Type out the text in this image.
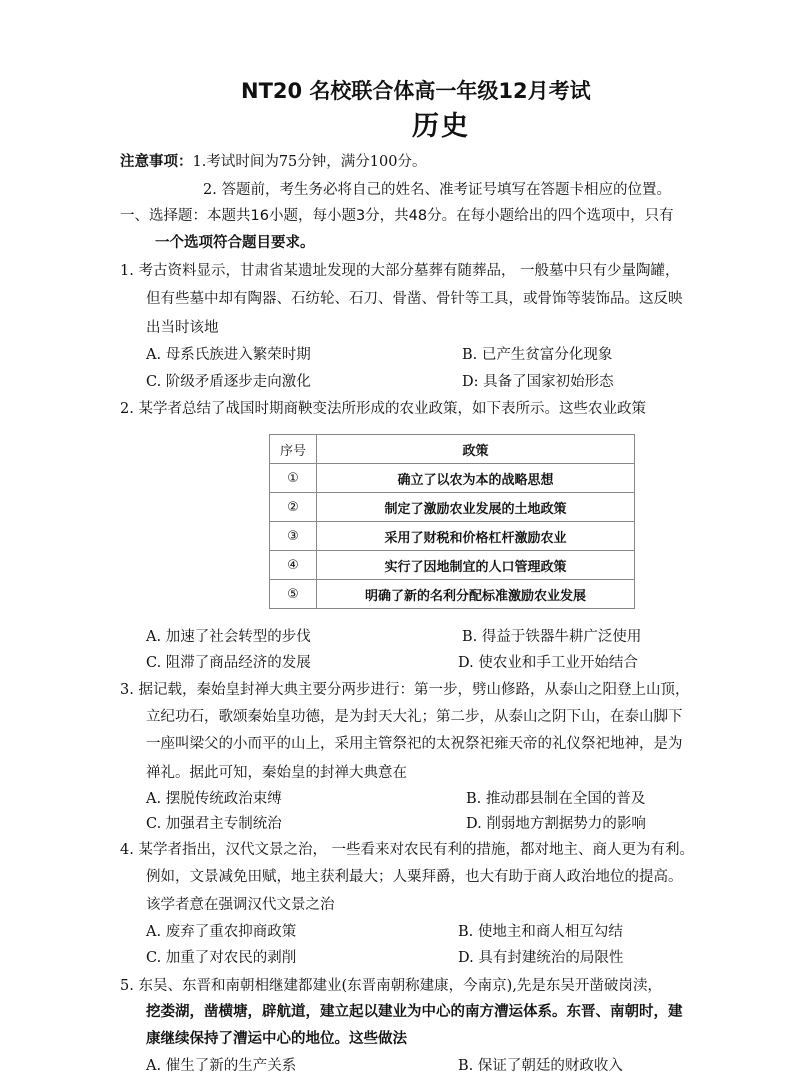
NT20 名校联合体高一年级12月考试
历史
注意事项：1.考试时间为75分钟，满分100分。
2. 答题前，考生务必将自己的姓名、准考证号填写在答题卡相应的位置。
一、选择题：本题共16小题，每小题3分，共48分。在每小题给出的四个选项中，只有
一个选项符合题目要求。
1. 考古资料显示，甘肃省某遗址发现的大部分墓葬有随葬品， 一般墓中只有少量陶罐，
但有些墓中却有陶器、石纺轮、石刀、骨凿、骨针等工具，或骨饰等装饰品。这反映
出当时该地
A. 母系氏族进入繁荣时期	B. 已产生贫富分化现象
C. 阶级矛盾逐步走向激化	D: 具备了国家初始形态
2. 某学者总结了战国时期商鞅变法所形成的农业政策，如下表所示。这些农业政策
序号	政策
①	确立了以农为本的战略思想
②	制定了激励农业发展的土地政策
③	采用了财税和价格杠杆激励农业
④	实行了因地制宜的人口管理政策
⑤	明确了新的名利分配标准激励农业发展
A. 加速了社会转型的步伐	B. 得益于铁器牛耕广泛使用
C. 阻滞了商品经济的发展	D. 使农业和手工业开始结合
3. 据记载，秦始皇封禅大典主要分两步进行：第一步，劈山修路，从泰山之阳登上山顶，
立纪功石，歌颂秦始皇功德，是为封天大礼；第二步，从泰山之阴下山，在泰山脚下
一座叫梁父的小而平的山上，采用主管祭祀的太祝祭祀雍天帝的礼仪祭祀地神，是为
禅礼。据此可知，秦始皇的封禅大典意在
A. 摆脱传统政治束缚	B. 推动郡县制在全国的普及
C. 加强君主专制统治	D. 削弱地方割据势力的影响
4. 某学者指出，汉代文景之治， 一些看来对农民有利的措施，都对地主、商人更为有利。
例如，文景减免田赋，地主获利最大；人粟拜爵，也大有助于商人政治地位的提高。
该学者意在强调汉代文景之治
A. 废弃了重农抑商政策	B. 使地主和商人相互勾结
C. 加重了对农民的剥削	D. 具有封建统治的局限性
5. 东吴、东晋和南朝相继建都建业(东晋南朝称建康，今南京),先是东吴开凿破岗渎，
挖娄湖，凿横塘，辟航道，建立起以建业为中心的南方漕运体系。东晋、南朝时，建
康继续保持了漕运中心的地位。这些做法
A. 催生了新的生产关系	B. 保证了朝廷的财政收入
